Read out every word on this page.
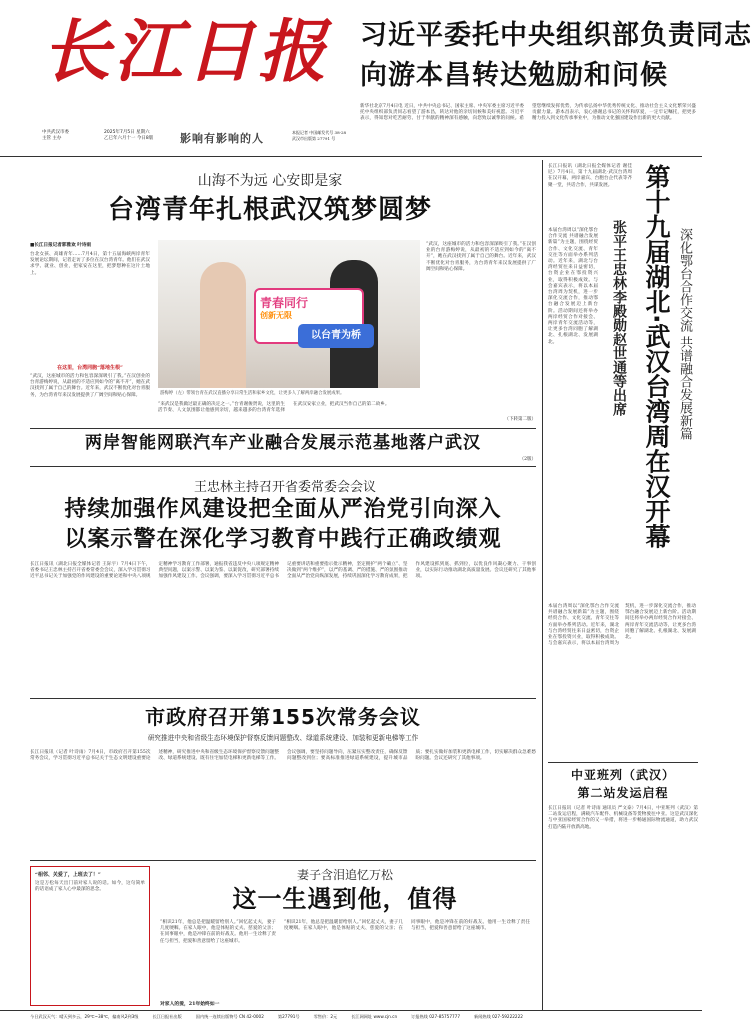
长江日报
中共武汉市委
主管 主办
2025年7月5日 星期六
乙巳年六月十一 今日8版	影响有影响的人	本报记者 中国邮发代号 38-28
武汉市出版第 27791 号
习近平委托中央组织部负责同志
向游本昌转达勉励和问候
新华社北京7月4日电 近日，中共中央总书记、国家主席、中央军委主席习近平委托中央组织部负责同志看望了游本昌，转达对他的亲切问候和美好祝愿。习近平表示，得知您对吃苦耐劳、甘于奉献的精神深有感触，向您致以诚挚的问候。希望您继续发挥优势，为传承弘扬中华优秀传统文化、推动社会主义文化繁荣兴盛贡献力量。游本昌表示，衷心感谢总书记的关怀和厚爱，一定牢记嘱托，把更多精力投入到文化传承事业中，为推动文化强国建设作出新的更大贡献。
山海不为远 心安即是家
台湾青年扎根武汉筑梦圆梦
■长江日报记者郭雅欢 叶诗雨
台北女孩、高雄青年……7月4日，第十五届海峡两岸青年发展论坛期间，记者走访了多位在汉台湾青年。他们在武汉求学、就业、创业，把家安在这里，把梦想种在这片土地上。
在这里，台湾同胞“落地生根”
“武汉，这座城市的活力和包容深深吸引了我。”在汉创业的台青游梅婷说，从最初的不适应到如今的“离不开”，她在武汉找到了属于自己的舞台。近年来，武汉不断优化对台青服务，为台湾青年来汉发展提供了广阔空间和贴心保障。
青春同行
创新无限
以台青为桥
游梅婷（左）带领台青在武汉直播分享日常生活和家乡文化，让更多人了解两岸融合发展成果。
“来武汉是我做过最正确的决定之一。”台青谢俊贤说，这里的生活节奏、人文氛围都让他感到亲切，越来越多的台湾青年选择在武汉安家立业，把武汉当作自己的第二故乡。
“武汉，这座城市的活力和包容深深吸引了我。”在汉创业的台青游梅婷说，从最初的不适应到如今的“离不开”，她在武汉找到了属于自己的舞台。近年来，武汉不断优化对台青服务，为台湾青年来汉发展提供了广阔空间和贴心保障。
（下转第二版）
两岸智能网联汽车产业融合发展示范基地落户武汉
（2版）
王忠林主持召开省委常委会会议
持续加强作风建设把全面从严治党引向深入
以案示警在深化学习教育中践行正确政绩观
长江日报讯（湖北日报全媒体记者 王际宇）7月4日下午，省委书记王忠林主持召开省委常委会会议，深入学习贯彻习近平总书记关于加强党的作风建设的重要论述和中央八项规定精神学习教育工作部署，通报我省违反中央八项规定精神典型问题，以案示警、以案为鉴、以案促改，研究部署持续加强作风建设工作。会议强调，要深入学习贯彻习近平总书记重要讲话和重要指示批示精神，坚定拥护“两个确立”、坚决做到“两个维护”，以严的基调、严的措施、严的氛围推动全面从严治党向纵深发展，持续巩固深化学习教育成果，把作风建设抓到底、抓到位，以优良作风凝心聚力、干事创业，以实际行动推动湖北高质量发展。会议还研究了其他事项。
市政府召开第155次常务会议
研究推进中央和省级生态环境保护督察反馈问题整改、绿道系统建设、加装和更新电梯等工作
长江日报讯（记者 叶诗雨）7月4日，市政府召开第155次常务会议，学习贯彻习近平总书记关于生态文明建设重要论述精神，研究推进中央和省级生态环境保护督察反馈问题整改、绿道系统建设、既有住宅加装电梯和更新电梯等工作。会议强调，要坚持问题导向，压紧压实整改责任，确保反馈问题整改到位；要高标准推进绿道系统建设，提升城市品质；要扎实做好加装和更新电梯工作，切实解决群众急难愁盼问题。会议还研究了其他事项。
“相邻、关爱了，上班去了！”
这是万松每天出门前对家人说的话。如今，这句简单的话语成了家人心中最深的思念。
妻子含泪追忆万松
这一生遇到他，值得
“相识21年，他总是把温暖留给别人。”回忆起丈夫，妻子几度哽咽。在家人眼中，他是体贴的丈夫、慈爱的父亲；在同事眼中，他是冲锋在前的好战友。他用一生诠释了责任与担当，把爱和善意留给了这座城市。
对家人的爱，21年始终如一
“相识21年，他总是把温暖留给别人。”回忆起丈夫，妻子几度哽咽。在家人眼中，他是体贴的丈夫、慈爱的父亲；在同事眼中，他是冲锋在前的好战友。他用一生诠释了责任与担当，把爱和善意留给了这座城市。
长江日报讯（湖北日报全媒体记者 谢佳尼）7月4日，第十九届湖北·武汉台湾周在汉开幕，两岸嘉宾、台胞台企代表等齐聚一堂，共话合作，共谋发展。
深化鄂台合作交流 共谱融合发展新篇
第十九届湖北·武汉台湾周在汉开幕
张平王忠林李殿勋赵世通等出席
本届台湾周以“深化鄂台合作交流 共谱融合发展新篇”为主题，围绕经贸合作、文化交流、青年交往等方面举办系列活动。近年来，湖北与台湾经贸往来日益密切，台资企业在鄂投资兴业，取得积极成效。与会嘉宾表示，将以本届台湾周为契机，进一步深化交流合作，推动鄂台融合发展迈上新台阶。活动期间还将举办两岸经贸合作对接会、两岸青年交流活动等，让更多台湾同胞了解湖北、扎根湖北、发展湖北。
本届台湾周以“深化鄂台合作交流 共谱融合发展新篇”为主题，围绕经贸合作、文化交流、青年交往等方面举办系列活动。近年来，湖北与台湾经贸往来日益密切，台资企业在鄂投资兴业，取得积极成效。与会嘉宾表示，将以本届台湾周为契机，进一步深化交流合作，推动鄂台融合发展迈上新台阶。活动期间还将举办两岸经贸合作对接会、两岸青年交流活动等，让更多台湾同胞了解湖北、扎根湖北、发展湖北。
中亚班列（武汉）
第二站发运启程
长江日报讯（记者 叶诗雨 通讯员 严文泰）7月4日，中亚班列（武汉）第二站发运启程，满载汽车配件、机械设备等货物驶往中亚。这是武汉深化与中亚国家经贸合作的又一举措，将进一步畅通国际物流通道，助力武汉打造内陆开放新高地。
今日武汉天气：晴天到多云，29℃~38℃，偏南风2到3级	长江日报社出版	国内统一连续出版物号 CN 42-0002	第27791号	零售价：2元	长江网网址 www.cjn.cn	订报热线 027-85757777	新闻热线 027-59222222
